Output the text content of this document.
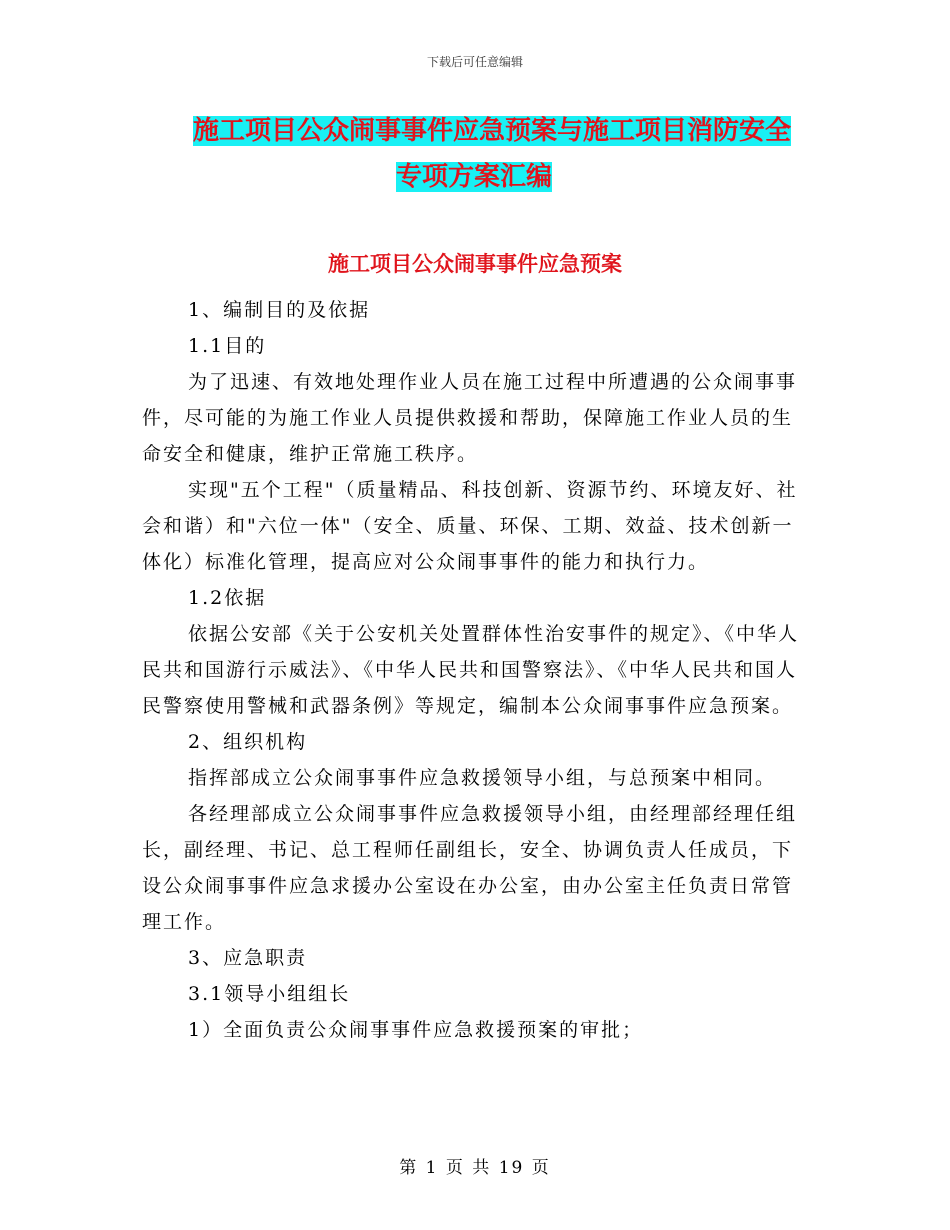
下载后可任意编辑
施工项目公众闹事事件应急预案与施工项目消防安全
专项方案汇编
施工项目公众闹事事件应急预案

1、编制目的及依据

1.1目的

为了迅速、有效地处理作业人员在施工过程中所遭遇的公众闹事事件，尽可能的为施工作业人员提供救援和帮助，保障施工作业人员的生命安全和健康，维护正常施工秩序。

实现"五个工程"（质量精品、科技创新、资源节约、环境友好、社会和谐）和"六位一体"（安全、质量、环保、工期、效益、技术创新一体化）标准化管理，提高应对公众闹事事件的能力和执行力。

1.2依据

依据公安部《关于公安机关处置群体性治安事件的规定》、《中华人民共和国游行示威法》、《中华人民共和国警察法》、《中华人民共和国人民警察使用警械和武器条例》等规定，编制本公众闹事事件应急预案。

2、组织机构

指挥部成立公众闹事事件应急救援领导小组，与总预案中相同。

各经理部成立公众闹事事件应急救援领导小组，由经理部经理任组长，副经理、书记、总工程师任副组长，安全、协调负责人任成员，下设公众闹事事件应急求援办公室设在办公室，由办公室主任负责日常管理工作。

3、应急职责

3.1领导小组组长

1）全面负责公众闹事事件应急救援预案的审批；

第 1 页 共 19 页
